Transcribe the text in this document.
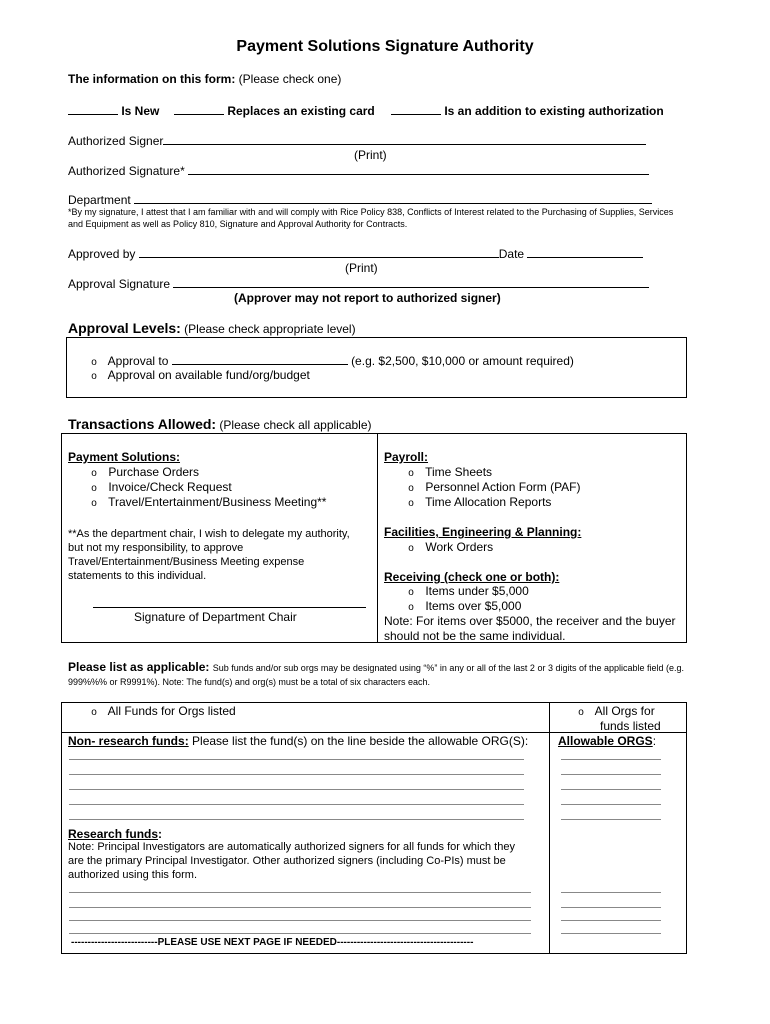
Payment Solutions Signature Authority
The information on this form: (Please check one)
Is New	Replaces an existing card	Is an addition to existing authorization
Authorized Signer
(Print)
Authorized Signature*
Department
*By my signature, I attest that I am familiar with and will comply with Rice Policy 838, Conflicts of Interest related to the Purchasing of Supplies, Services and Equipment as well as Policy 810, Signature and Approval Authority for Contracts.
Approved by	Date
(Print)
Approval Signature
(Approver may not report to authorized signer)
Approval Levels: (Please check appropriate level)
o Approval to	(e.g. $2,500, $10,000 or amount required)
o Approval on available fund/org/budget
Transactions Allowed: (Please check all applicable)
Payment Solutions:
o Purchase Orders
o Invoice/Check Request
o Travel/Entertainment/Business Meeting**
**As the department chair, I wish to delegate my authority, but not my responsibility, to approve Travel/Entertainment/Business Meeting expense statements to this individual.
Signature of Department Chair
Payroll:
o Time Sheets
o Personnel Action Form (PAF)
o Time Allocation Reports
Facilities, Engineering & Planning:
o Work Orders
Receiving (check one or both):
o Items under $5,000
o Items over $5,000
Note: For items over $5000, the receiver and the buyer should not be the same individual.
Please list as applicable: Sub funds and/or sub orgs may be designated using “%” in any or all of the last 2 or 3 digits of the applicable field (e.g. 999%%% or R9991%). Note: The fund(s) and org(s) must be a total of six characters each.
o All Funds for Orgs listed	o All Orgs for
funds listed
Non- research funds: Please list the fund(s) on the line beside the allowable ORG(S): Allowable ORGS:
Research funds:
Note: Principal Investigators are automatically authorized signers for all funds for which they are the primary Principal Investigator. Other authorized signers (including Co-PIs) must be authorized using this form.
--------------------------PLEASE USE NEXT PAGE IF NEEDED-----------------------------------------
